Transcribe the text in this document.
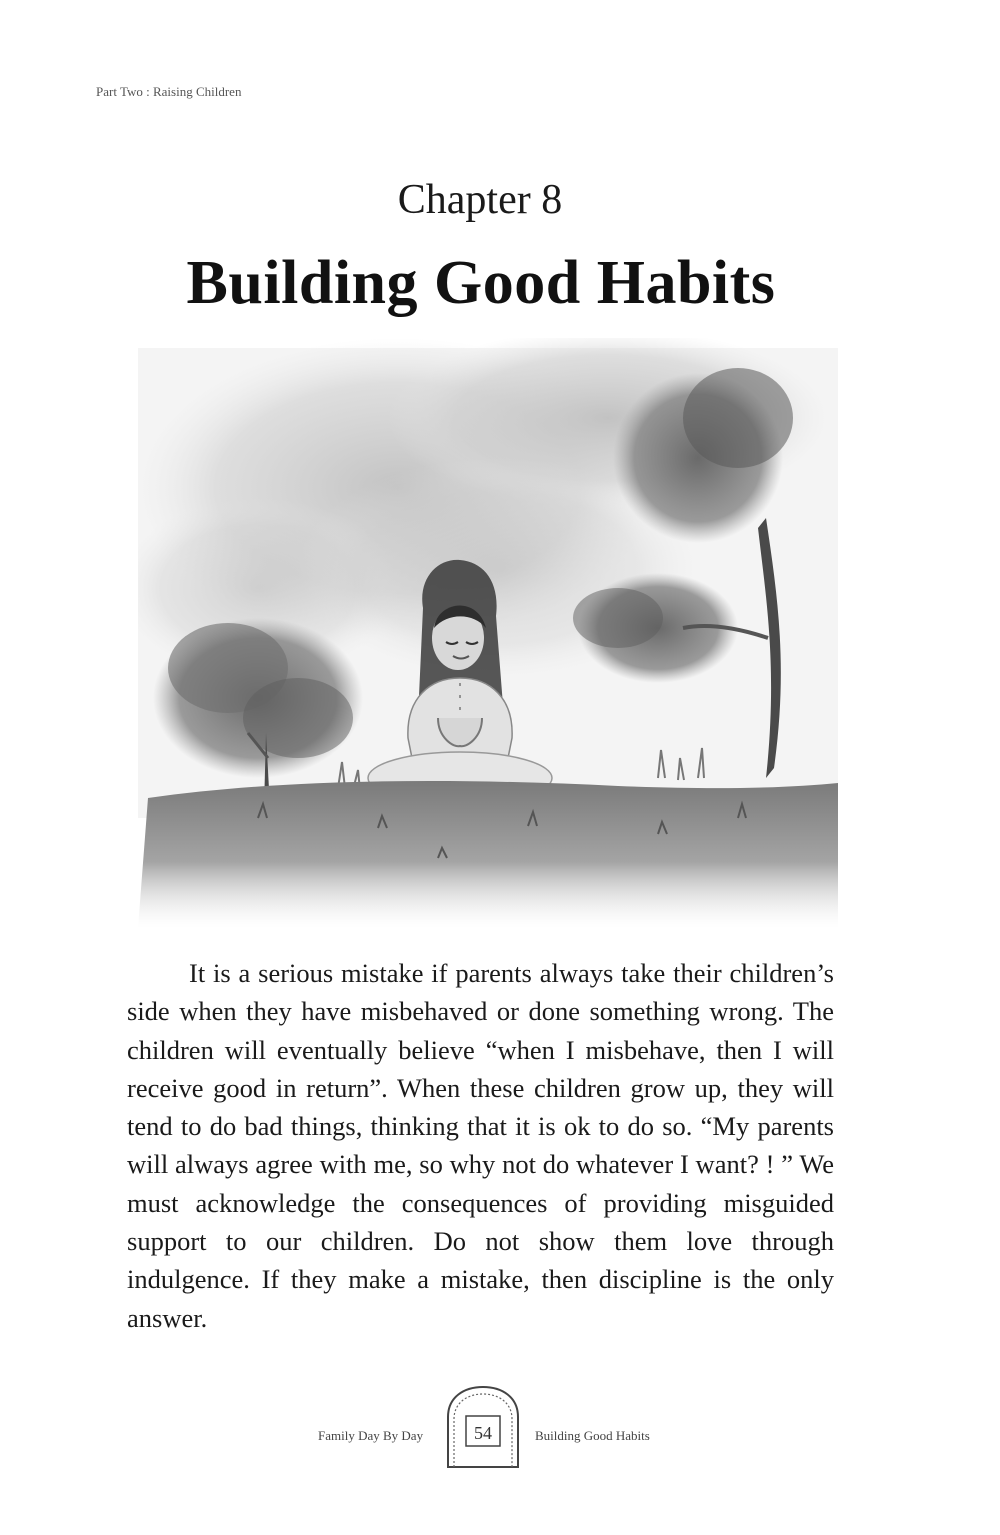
Part Two : Raising Children
Chapter 8
Building Good Habits

It is a serious mistake if parents always take their children’s side when they have misbehaved or done something wrong. The children will eventually believe “when I misbehave, then I will receive good in return”. When these children grow up, they will tend to do bad things, thinking that it is ok to do so. “My parents will always agree with me, so why not do whatever I want? ! ” We must acknowledge the consequences of providing misguided support to our children. Do not show them love through indulgence. If they make a mistake, then discipline is the only answer.

Family Day By Day	54	Building Good Habits
